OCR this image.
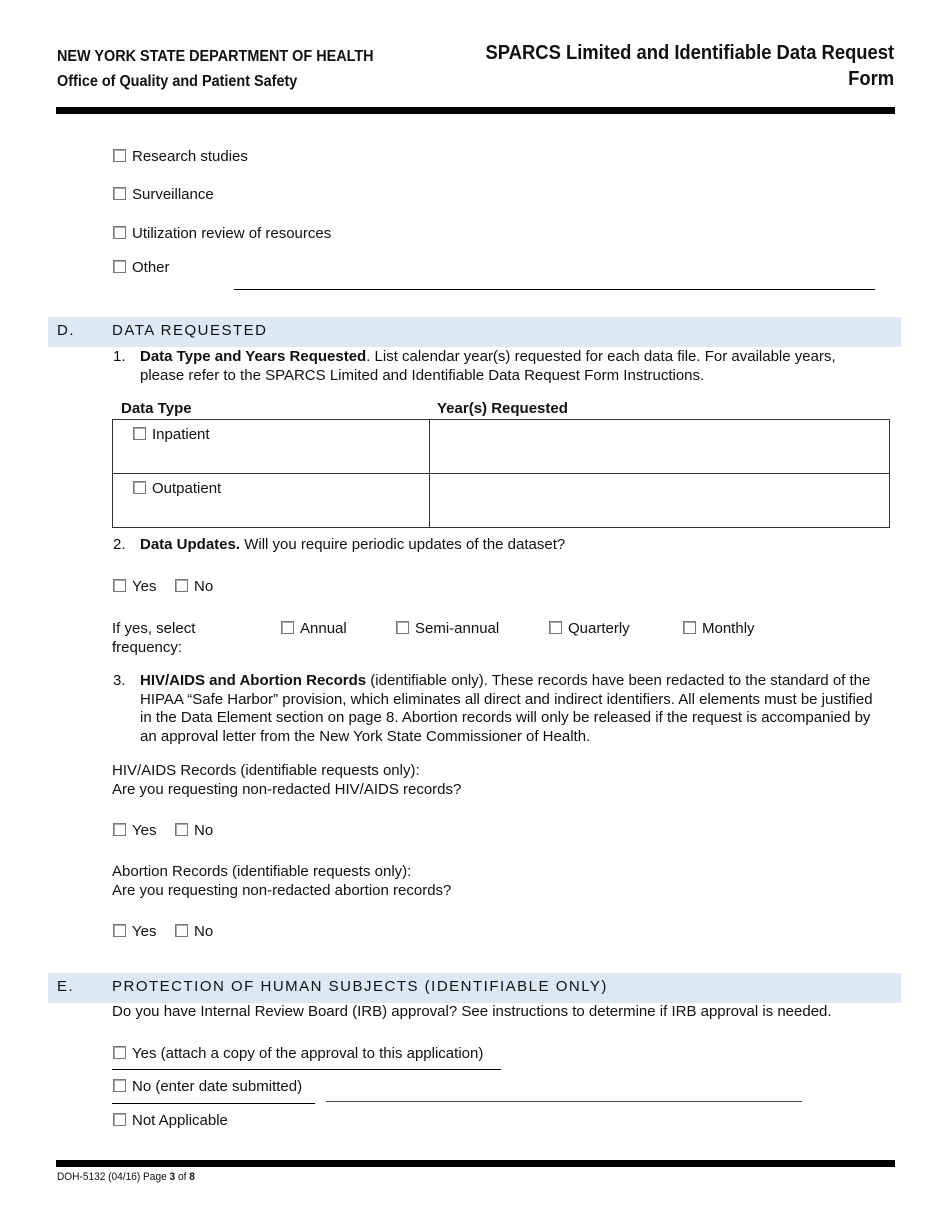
NEW YORK STATE DEPARTMENT OF HEALTH
Office of Quality and Patient Safety
SPARCS Limited and Identifiable Data Request
Form
Research studies
Surveillance
Utilization review of resources
Other
D. DATA REQUESTED
1. Data Type and Years Requested. List calendar year(s) requested for each data file. For available years, please refer to the SPARCS Limited and Identifiable Data Request Form Instructions.
Data Type	Year(s) Requested
Inpatient	
Outpatient	
2. Data Updates. Will you require periodic updates of the dataset?
Yes	No
If yes, select frequency:
Annual	Semi-annual	Quarterly	Monthly
3. HIV/AIDS and Abortion Records (identifiable only). These records have been redacted to the standard of the HIPAA “Safe Harbor” provision, which eliminates all direct and indirect identifiers. All elements must be justified in the Data Element section on page 8. Abortion records will only be released if the request is accompanied by an approval letter from the New York State Commissioner of Health.
HIV/AIDS Records (identifiable requests only):
Are you requesting non-redacted HIV/AIDS records?
Yes	No
Abortion Records (identifiable requests only):
Are you requesting non-redacted abortion records?
Yes	No
E.	PROTECTION OF HUMAN SUBJECTS (IDENTIFIABLE ONLY)
Do you have Internal Review Board (IRB) approval? See instructions to determine if IRB approval is needed.
Yes (attach a copy of the approval to this application)
No (enter date submitted) _____________________________________________________________
Not Applicable
DOH-5132 (04/16) Page 3 of 8
